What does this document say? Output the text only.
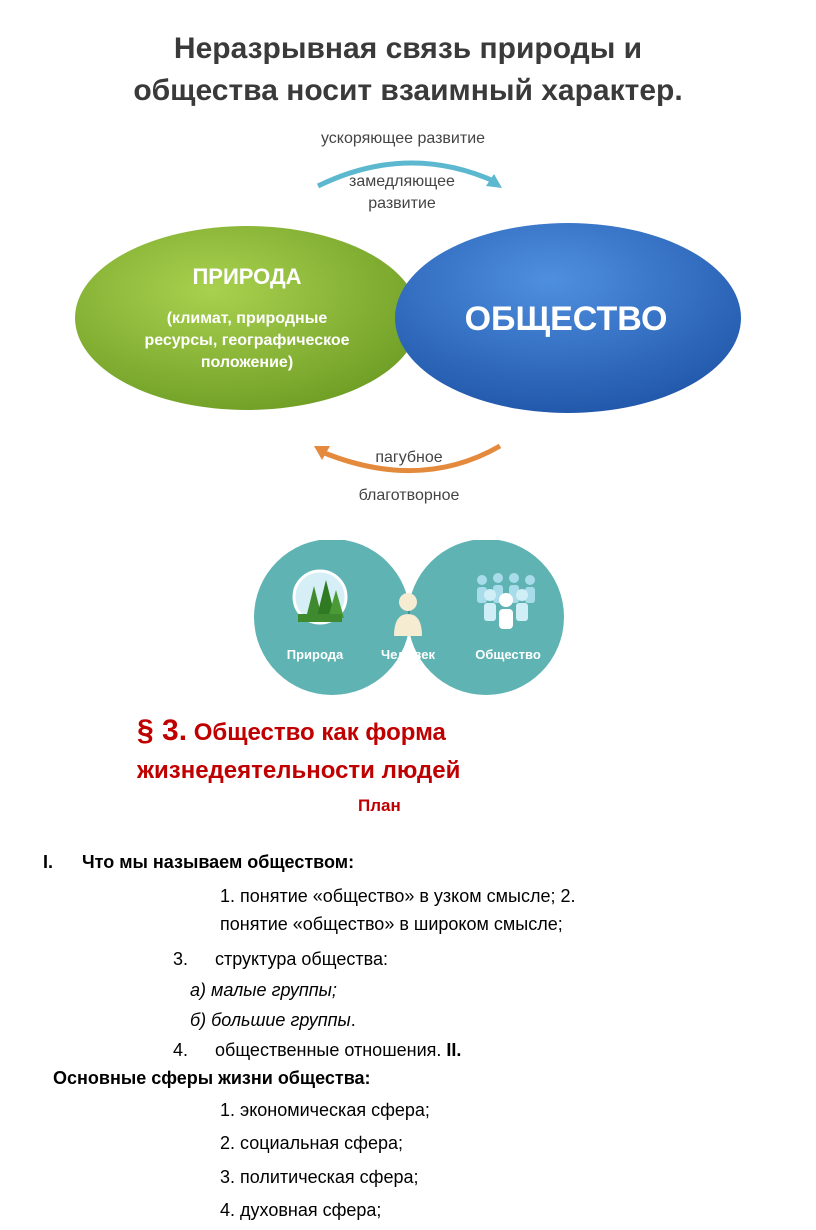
Неразрывная связь природы и
общества носит взаимный характер.
ускоряющее развитие
замедляющее
развитие
ПРИРОДА
(климат, природные
ресурсы, географическое
положение)
ОБЩЕСТВО
пагубное
благотворное
Природа	Человек	Общество
§ 3. Общество как форма
жизнедеятельности людей
План
I. Что мы называем обществом:
1. понятие «общество» в узком смысле; 2.
понятие «общество» в широком смысле;
3. структура общества:
а) малые группы;
б) большие группы.
4. общественные отношения. II.
Основные сферы жизни общества:
1. экономическая сфера;
2. социальная сфера;
3. политическая сфера;
4. духовная сфера;
